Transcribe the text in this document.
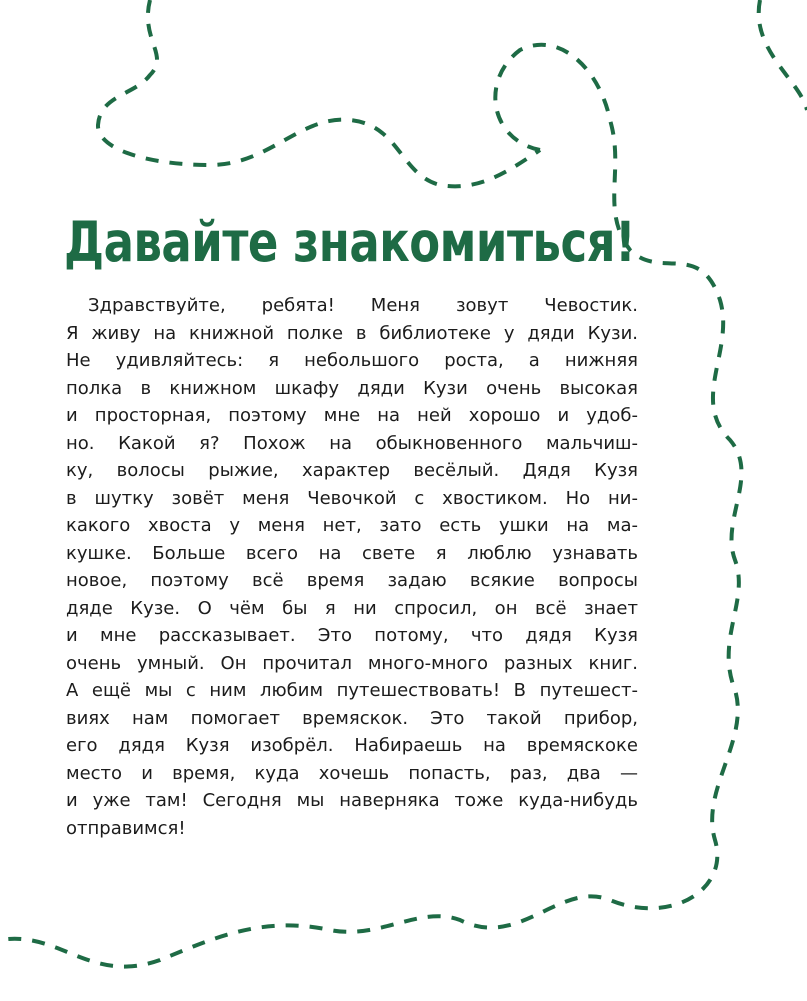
Давайте знакомиться!
Здравствуйте, ребята! Меня зовут Чевостик.
Я живу на книжной полке в библиотеке у дяди Кузи.
Не удивляйтесь: я небольшого роста, а нижняя
полка в книжном шкафу дяди Кузи очень высокая
и просторная, поэтому мне на ней хорошо и удоб-
но. Какой я? Похож на обыкновенного мальчиш-
ку, волосы рыжие, характер весёлый. Дядя Кузя
в шутку зовёт меня Чевочкой с хвостиком. Но ни-
какого хвоста у меня нет, зато есть ушки на ма-
кушке. Больше всего на свете я люблю узнавать
новое, поэтому всё время задаю всякие вопросы
дяде Кузе. О чём бы я ни спросил, он всё знает
и мне рассказывает. Это потому, что дядя Кузя
очень умный. Он прочитал много-много разных книг.
А ещё мы с ним любим путешествовать! В путешест-
виях нам помогает времяскок. Это такой прибор,
его дядя Кузя изобрёл. Набираешь на времяскоке
место и время, куда хочешь попасть, раз, два —
и уже там! Сегодня мы наверняка тоже куда-нибудь
отправимся!
